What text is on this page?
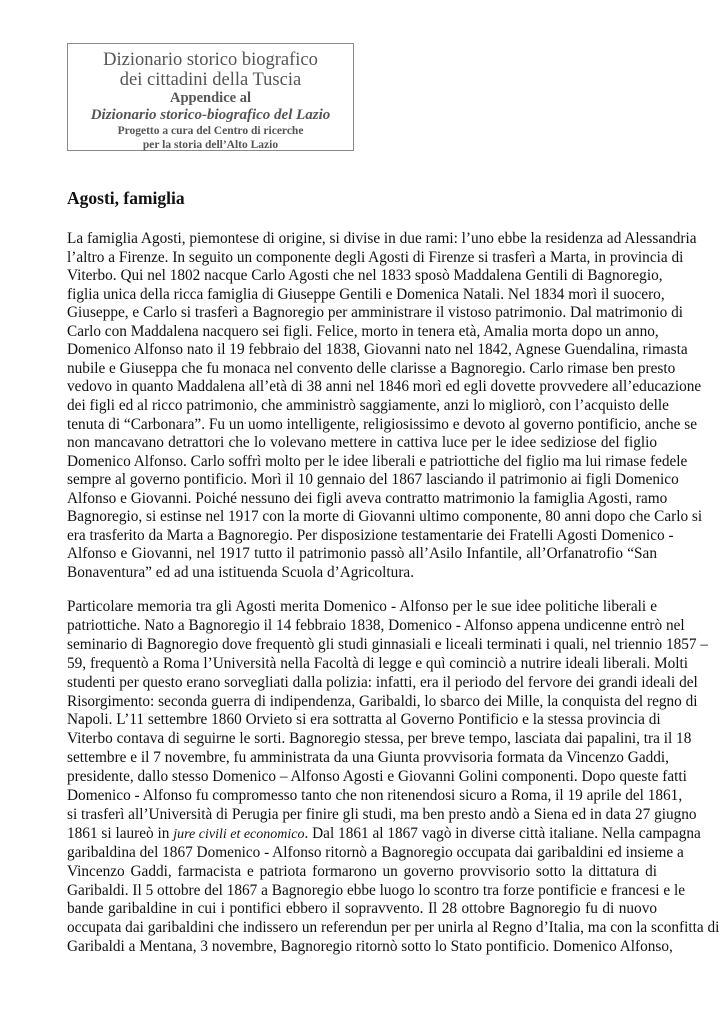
Dizionario storico biografico
dei cittadini della Tuscia
Appendice al
Dizionario storico-biografico del Lazio
Progetto a cura del Centro di ricerche
per la storia dell’Alto Lazio
Agosti, famiglia
La famiglia Agosti, piemontese di origine, si divise in due rami: l’uno ebbe la residenza ad Alessandria
l’altro a Firenze. In seguito un componente degli Agosti di Firenze si trasferì a Marta, in provincia di
Viterbo. Qui nel 1802 nacque Carlo Agosti che nel 1833 sposò Maddalena Gentili di Bagnoregio,
figlia unica della ricca famiglia di Giuseppe Gentili e Domenica Natali. Nel 1834 morì il suocero,
Giuseppe, e Carlo si trasferì a Bagnoregio per amministrare il vistoso patrimonio. Dal matrimonio di
Carlo con Maddalena nacquero sei figli. Felice, morto in tenera età, Amalia morta dopo un anno,
Domenico Alfonso nato il 19 febbraio del 1838, Giovanni nato nel 1842, Agnese Guendalina, rimasta
nubile e Giuseppa che fu monaca nel convento delle clarisse a Bagnoregio. Carlo rimase ben presto
vedovo in quanto Maddalena all’età di 38 anni nel 1846 morì ed egli dovette provvedere all’educazione
dei figli ed al ricco patrimonio, che amministrò saggiamente, anzi lo migliorò, con l’acquisto delle
tenuta di “Carbonara”. Fu un uomo intelligente, religiosissimo e devoto al governo pontificio, anche se
non mancavano detrattori che lo volevano mettere in cattiva luce per le idee sediziose del figlio
Domenico Alfonso. Carlo soffrì molto per le idee liberali e patriottiche del figlio ma lui rimase fedele
sempre al governo pontificio. Morì il 10 gennaio del 1867 lasciando il patrimonio ai figli Domenico
Alfonso e Giovanni. Poiché nessuno dei figli aveva contratto matrimonio la famiglia Agosti, ramo
Bagnoregio, si estinse nel 1917 con la morte di Giovanni ultimo componente, 80 anni dopo che Carlo si
era trasferito da Marta a Bagnoregio. Per disposizione testamentarie dei Fratelli Agosti Domenico -
Alfonso e Giovanni, nel 1917 tutto il patrimonio passò all’Asilo Infantile, all’Orfanatrofio “San
Bonaventura” ed ad una istituenda Scuola d’Agricoltura.
Particolare memoria tra gli Agosti merita Domenico - Alfonso per le sue idee politiche liberali e
patriottiche. Nato a Bagnoregio il 14 febbraio 1838, Domenico - Alfonso appena undicenne entrò nel
seminario di Bagnoregio dove frequentò gli studi ginnasiali e liceali terminati i quali, nel triennio 1857 –
59, frequentò a Roma l’Università nella Facoltà di legge e quì cominciò a nutrire ideali liberali. Molti
studenti per questo erano sorvegliati dalla polizia: infatti, era il periodo del fervore dei grandi ideali del
Risorgimento: seconda guerra di indipendenza, Garibaldi, lo sbarco dei Mille, la conquista del regno di
Napoli. L’11 settembre 1860 Orvieto si era sottratta al Governo Pontificio e la stessa provincia di
Viterbo contava di seguirne le sorti. Bagnoregio stessa, per breve tempo, lasciata dai papalini, tra il 18
settembre e il 7 novembre, fu amministrata da una Giunta provvisoria formata da Vincenzo Gaddi,
presidente, dallo stesso Domenico – Alfonso Agosti e Giovanni Golini componenti. Dopo queste fatti
Domenico - Alfonso fu compromesso tanto che non ritenendosi sicuro a Roma, il 19 aprile del 1861,
si trasferì all’Università di Perugia per finire gli studi, ma ben presto andò a Siena ed in data 27 giugno
1861 si laureò in jure civili et economico. Dal 1861 al 1867 vagò in diverse città italiane. Nella campagna
garibaldina del 1867 Domenico - Alfonso ritornò a Bagnoregio occupata dai garibaldini ed insieme a
Vincenzo Gaddi, farmacista e patriota formarono un governo provvisorio sotto la dittatura di
Garibaldi. Il 5 ottobre del 1867 a Bagnoregio ebbe luogo lo scontro tra forze pontificie e francesi e le
bande garibaldine in cui i pontifici ebbero il sopravvento. Il 28 ottobre Bagnoregio fu di nuovo
occupata dai garibaldini che indissero un referendun per per unirla al Regno d’Italia, ma con la sconfitta di
Garibaldi a Mentana, 3 novembre, Bagnoregio ritornò sotto lo Stato pontificio. Domenico Alfonso,
